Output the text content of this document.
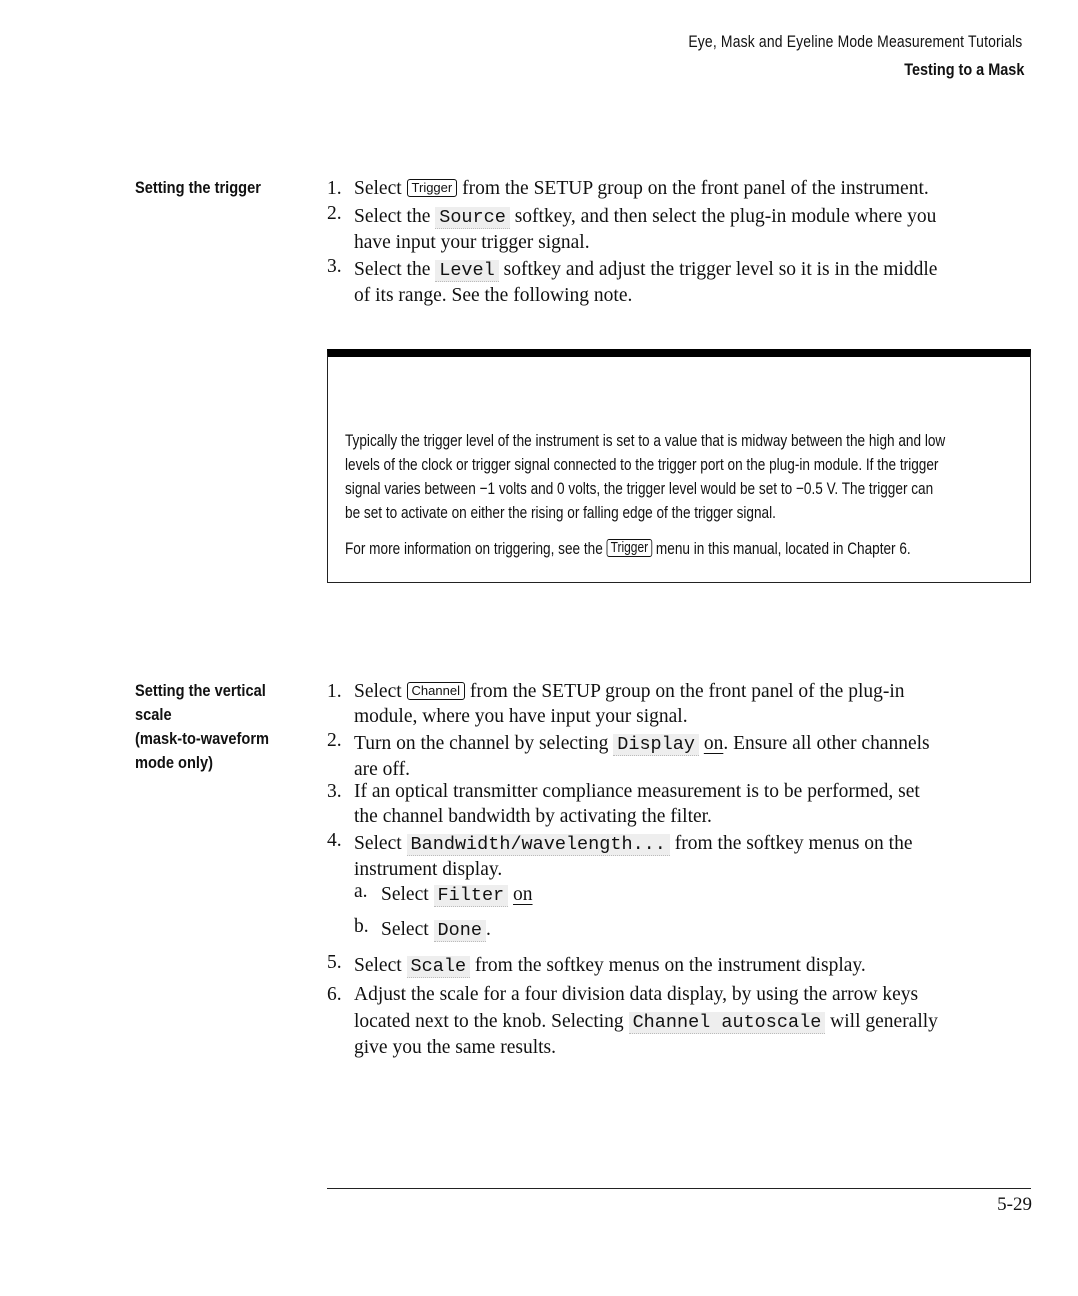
Eye, Mask and Eyeline Mode Measurement Tutorials
Testing to a Mask
Setting the trigger	1. Select Trigger from the SETUP group on the front panel of the instrument.
2. Select the Source softkey, and then select the plug-in module where you
have input your trigger signal.
3. Select the Level softkey and adjust the trigger level so it is in the middle
of its range. See the following note.

Typically the trigger level of the instrument is set to a value that is midway between the high and low

levels of the clock or trigger signal connected to the trigger port on the plug-in module. If the trigger

signal varies between −1 volts and 0 volts, the trigger level would be set to −0.5 V. The trigger can

be set to activate on either the rising or falling edge of the trigger signal.

For more information on triggering, see the Trigger menu in this manual, located in Chapter 6.

Setting the vertical
scale
(mask-to-waveform
mode only)
1. Select Channel from the SETUP group on the front panel of the plug-in
module, where you have input your signal.
2. Turn on the channel by selecting Display on. Ensure all other channels
are off.
3. If an optical transmitter compliance measurement is to be performed, set
the channel bandwidth by activating the filter.
4. Select Bandwidth/wavelength... from the softkey menus on the
instrument display.
a. Select Filter on
b. Select Done .
5. Select Scale from the softkey menus on the instrument display.
6. Adjust the scale for a four division data display, by using the arrow keys
located next to the knob. Selecting Channel autoscale will generally
give you the same results.
5-29
